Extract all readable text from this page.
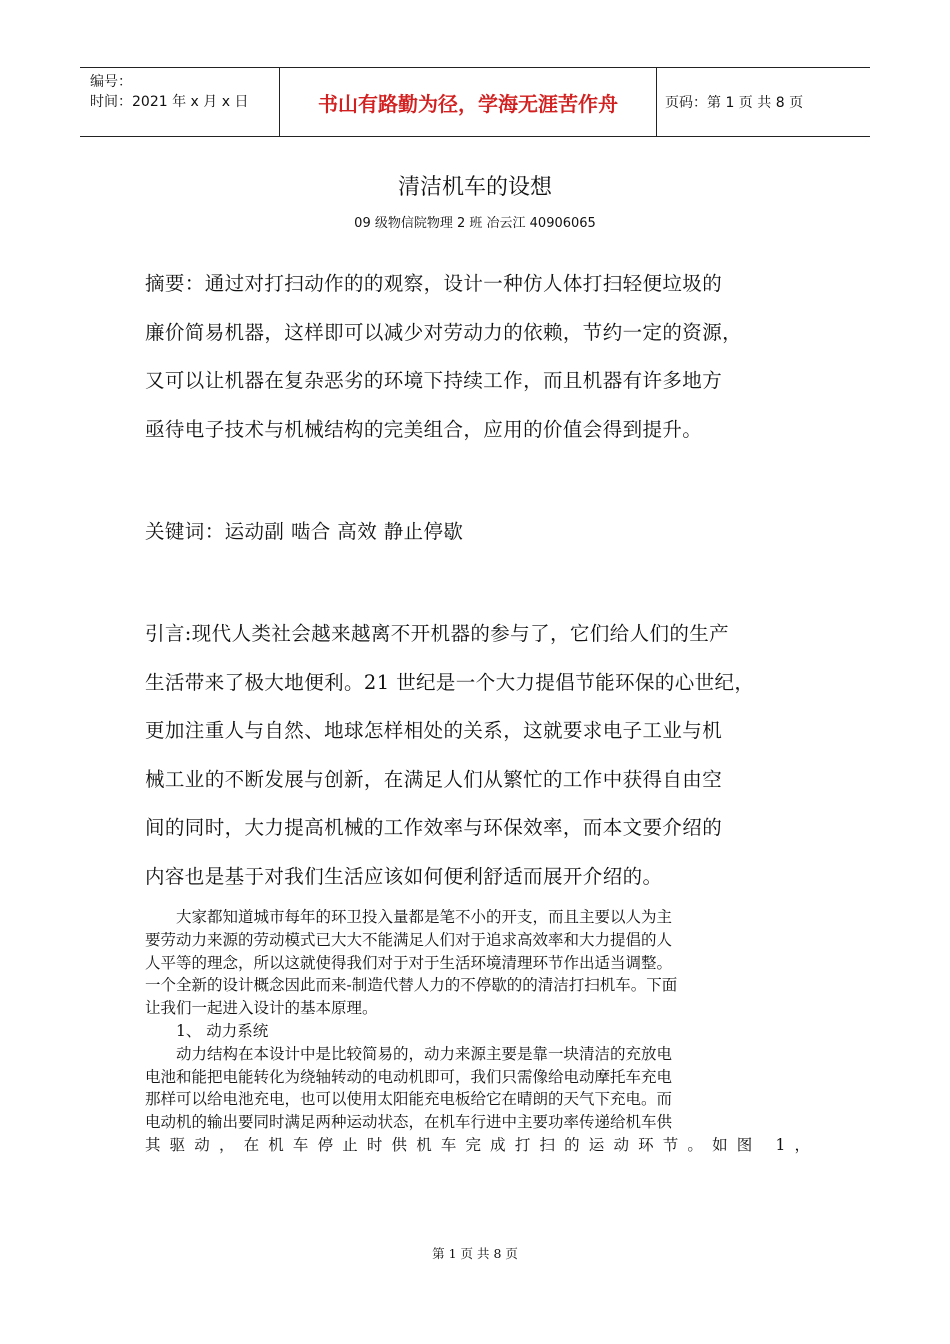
编号：
时间：2021 年 x 月 x 日	书山有路勤为径，学海无涯苦作舟	页码：第 1 页 共 8 页
清洁机车的设想
09 级物信院物理 2 班 冶云江 40906065

摘要：通过对打扫动作的的观察，设计一种仿人体打扫轻便垃圾的

廉价简易机器，这样即可以减少对劳动力的依赖，节约一定的资源，

又可以让机器在复杂恶劣的环境下持续工作，而且机器有许多地方

亟待电子技术与机械结构的完美组合，应用的价值会得到提升。

关键词：运动副 啮合 高效 静止停歇

引言:现代人类社会越来越离不开机器的参与了，它们给人们的生产

生活带来了极大地便利。21 世纪是一个大力提倡节能环保的心世纪，

更加注重人与自然、地球怎样相处的关系，这就要求电子工业与机

械工业的不断发展与创新，在满足人们从繁忙的工作中获得自由空

间的同时，大力提高机械的工作效率与环保效率，而本文要介绍的

内容也是基于对我们生活应该如何便利舒适而展开介绍的。

大家都知道城市每年的环卫投入量都是笔不小的开支，而且主要以人为主

要劳动力来源的劳动模式已大大不能满足人们对于追求高效率和大力提倡的人

人平等的理念，所以这就使得我们对于对于生活环境清理环节作出适当调整。

一个全新的设计概念因此而来-制造代替人力的不停歇的的清洁打扫机车。下面

让我们一起进入设计的基本原理。

1、 动力系统

动力结构在本设计中是比较简易的，动力来源主要是靠一块清洁的充放电

电池和能把电能转化为绕轴转动的电动机即可，我们只需像给电动摩托车充电

那样可以给电池充电，也可以使用太阳能充电板给它在晴朗的天气下充电。而

电动机的输出要同时满足两种运动状态，在机车行进中主要功率传递给机车供

其驱动，在机车停止时供机车完成打扫的运动环节。如图 1，

第 1 页 共 8 页
